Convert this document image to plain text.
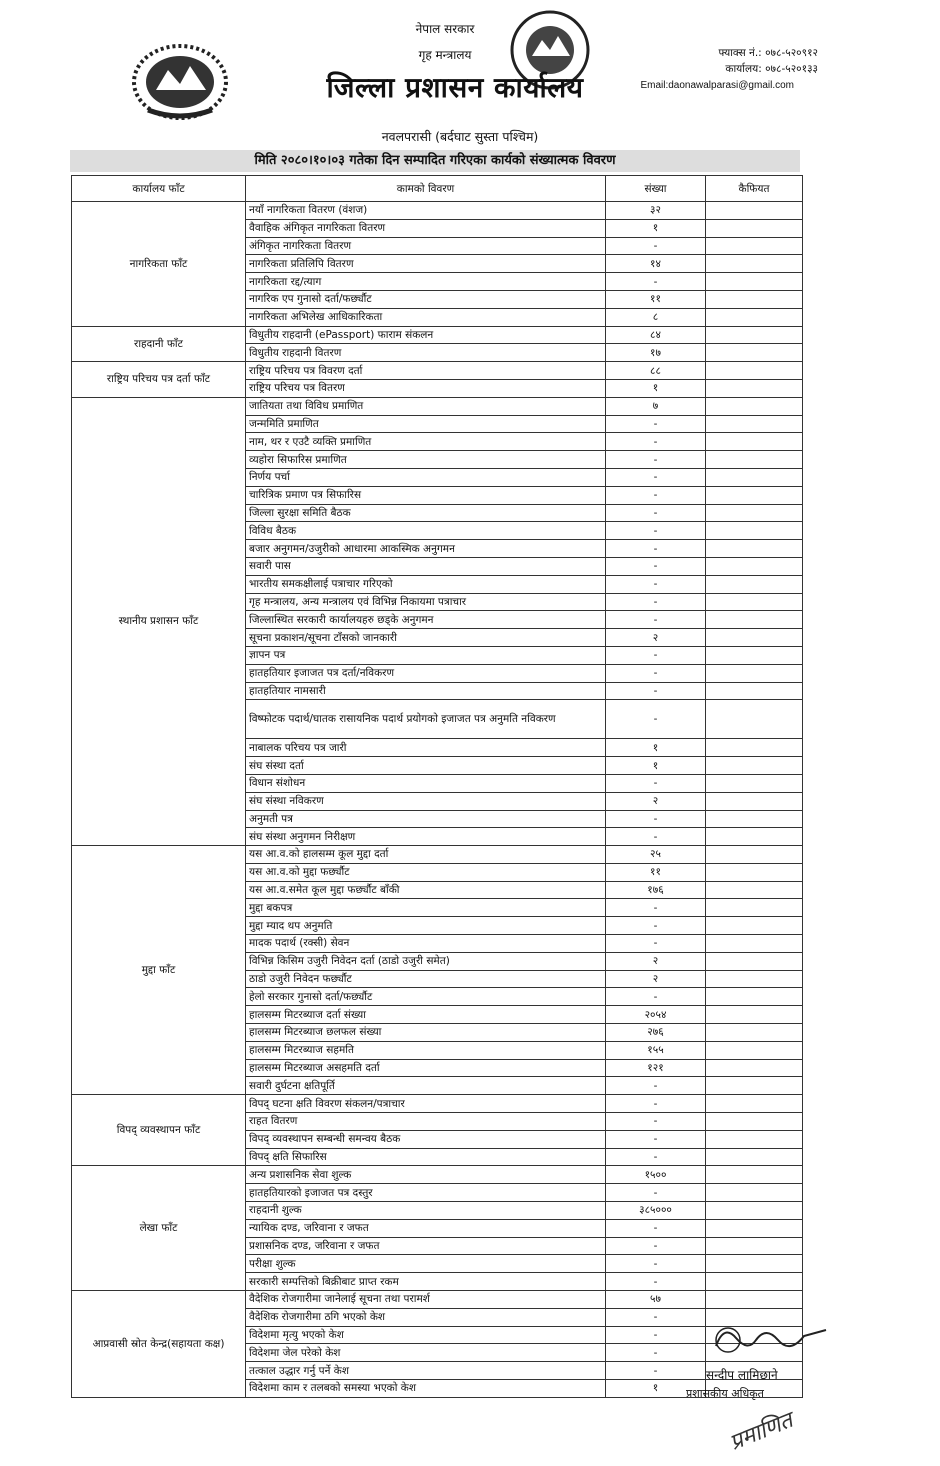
नेपाल सरकार
गृह मन्त्रालय
जिल्ला प्रशासन कार्यालय
नवलपरासी (बर्दघाट सुस्ता पश्चिम)
फ्याक्स नं.: ०७८-५२०९१२
कार्यालय: ०७८-५२०१३३
Email:daonawalparasi@gmail.com
मिति २०८०।१०।०३ गतेका दिन सम्पादित गरिएका कार्यको संख्यात्मक विवरण
कार्यालय फाँट	कामको विवरण	संख्या	कैफियत
नागरिकता फाँट	नयाँ नागरिकता वितरण (वंशज)	३२	
	वैवाहिक अंगिकृत नागरिकता वितरण	१	
	अंगिकृत नागरिकता वितरण	-	
	नागरिकता प्रतिलिपि वितरण	१४	
	नागरिकता रद्द/त्याग	-	
	नागरिक एप गुनासो दर्ता/फर्छ्यौट	११	
	नागरिकता अभिलेख आधिकारिकता	८	
राहदानी फाँट	विधुतीय राहदानी (ePassport) फाराम संकलन	८४	
	विधुतीय राहदानी वितरण	१७	
राष्ट्रिय परिचय पत्र दर्ता फाँट	राष्ट्रिय परिचय पत्र विवरण दर्ता	८८	
	राष्ट्रिय परिचय पत्र वितरण	१	
स्थानीय प्रशासन फाँट	जातियता तथा विविध प्रमाणित	७	
	जन्ममिति प्रमाणित	-	
	नाम, थर र एउटै व्यक्ति प्रमाणित	-	
	व्यहोरा सिफारिस प्रमाणित	-	
	निर्णय पर्चा	-	
	चारित्रिक प्रमाण पत्र सिफारिस	-	
	जिल्ला सुरक्षा समिति बैठक	-	
	विविध बैठक	-	
	बजार अनुगमन/उजुरीको आधारमा आकस्मिक अनुगमन	-	
	सवारी पास	-	
	भारतीय समकक्षीलाई पत्राचार गरिएको	-	
	गृह मन्त्रालय, अन्य मन्त्रालय एवं विभिन्न निकायमा पत्राचार	-	
	जिल्लास्थित सरकारी कार्यालयहरु छड्के अनुगमन	-	
	सूचना प्रकाशन/सूचना टाँसको जानकारी	२	
	ज्ञापन पत्र	-	
	हातहतियार इजाजत पत्र दर्ता/नविकरण	-	
	हातहतियार नामसारी	-	
	विष्फोटक पदार्थ/घातक रासायनिक पदार्थ प्रयोगको इजाजत पत्र अनुमति नविकरण	-	
	नाबालक परिचय पत्र जारी	१	
	संघ संस्था दर्ता	१	
	विधान संशोधन	-	
	संघ संस्था नविकरण	२	
	अनुमती पत्र	-	
	संघ संस्था अनुगमन निरीक्षण	-	
मुद्दा फाँट	यस आ.व.को हालसम्म कूल मुद्दा दर्ता	२५	
	यस आ.व.को मुद्दा फर्छ्यौट	११	
	यस आ.व.समेत कूल मुद्दा फर्छ्यौट बाँकी	१७६	
	मुद्दा बकपत्र	-	
	मुद्दा म्याद थप अनुमति	-	
	मादक पदार्थ (रक्सी) सेवन	-	
	विभिन्न किसिम उजुरी निवेदन दर्ता (ठाडो उजुरी समेत)	२	
	ठाडो उजुरी निवेदन फर्छ्यौट	२	
	हेलो सरकार गुनासो दर्ता/फर्छ्यौट	-	
	हालसम्म मिटरब्याज दर्ता संख्या	२०५४	
	हालसम्म मिटरब्याज छलफल संख्या	२७६	
	हालसम्म मिटरब्याज सहमति	१५५	
	हालसम्म मिटरब्याज असहमति दर्ता	१२१	
	सवारी दुर्घटना क्षतिपूर्ति	-	
विपद् व्यवस्थापन फाँट	विपद् घटना क्षति विवरण संकलन/पत्राचार	-	
	राहत वितरण	-	
	विपद् व्यवस्थापन सम्बन्धी समन्वय बैठक	-	
	विपद् क्षति सिफारिस	-	
लेखा फाँट	अन्य प्रशासनिक सेवा शुल्क	१५००	
	हातहतियारको इजाजत पत्र दस्तुर	-	
	राहदानी शुल्क	३८५०००	
	न्यायिक दण्ड, जरिवाना र जफत	-	
	प्रशासनिक दण्ड, जरिवाना र जफत	-	
	परीक्षा शुल्क	-	
	सरकारी सम्पत्तिको बिक्रीबाट प्राप्त रकम	-	
आप्रवासी स्रोत केन्द्र(सहायता कक्ष)	वैदेशिक रोजगारीमा जानेलाई सूचना तथा परामर्श	५७	
	वैदेशिक रोजगारीमा ठगि भएको केश	-	
	विदेशमा मृत्यु भएको केश	-	
	विदेशमा जेल परेको केश	-	
	तत्काल उद्धार गर्नु पर्ने केश	-	
	विदेशमा काम र तलबको समस्या भएको केश	१	
सन्दीप लामिछाने
प्रशासकीय अधिकृत
प्रमाणित
